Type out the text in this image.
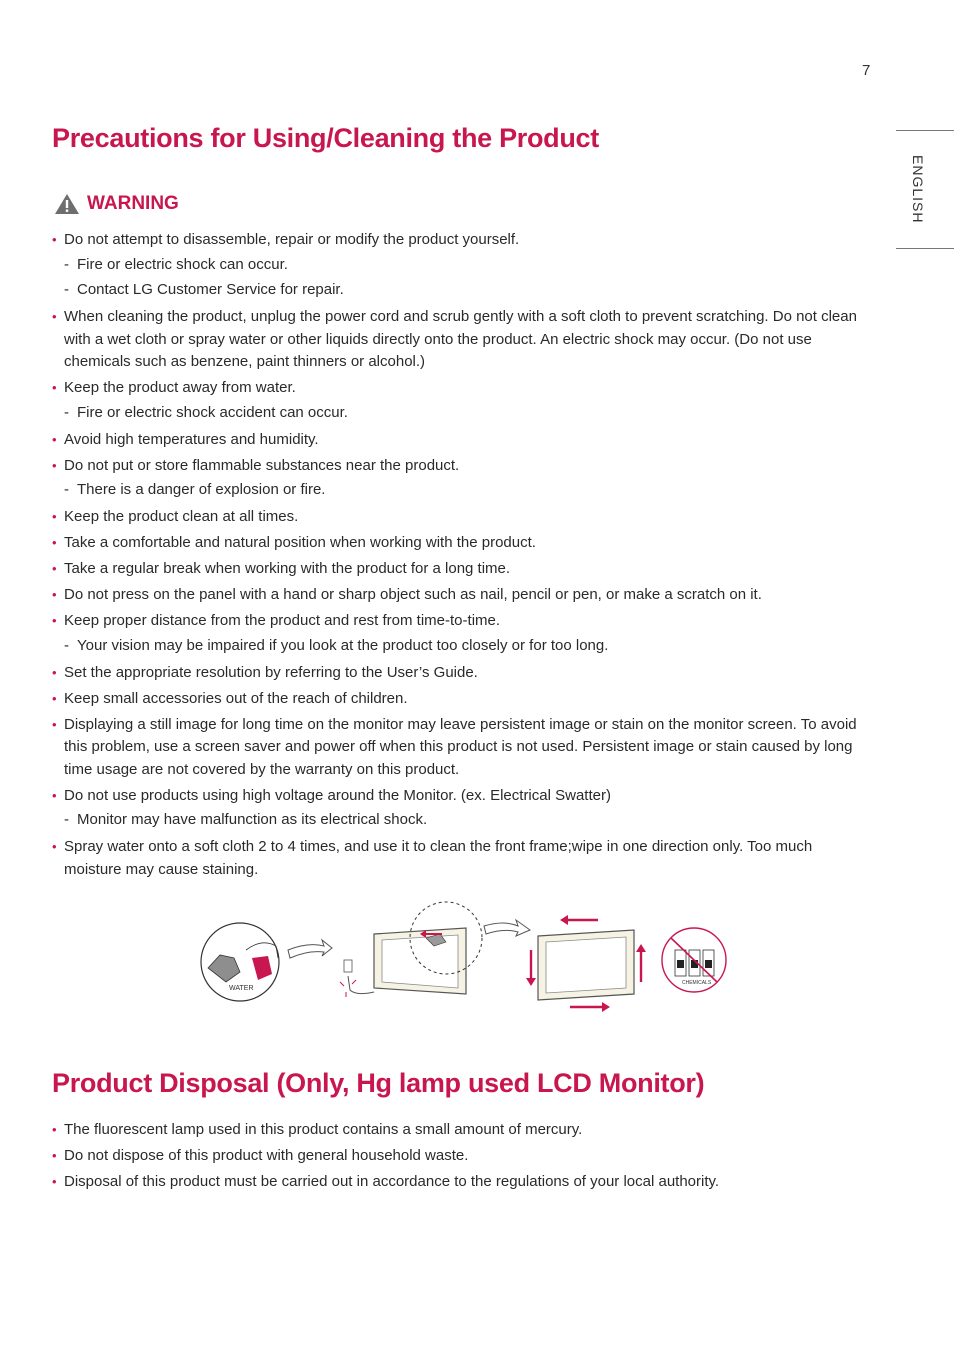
7
ENGLISH
Precautions for Using/Cleaning the Product
WARNING
• Do not attempt to disassemble, repair or modify the product yourself.
- Fire or electric shock can occur.
- Contact LG Customer Service for repair.
• When cleaning the product, unplug the power cord and scrub gently with a soft cloth to prevent scratching. Do not clean with a wet cloth or spray water or other liquids directly onto the product. An electric shock may occur. (Do not use chemicals such as benzene, paint thinners or alcohol.)
• Keep the product away from water.
- Fire or electric shock accident can occur.
• Avoid high temperatures and humidity.
• Do not put or store flammable substances near the product.
- There is a danger of explosion or fire.
• Keep the product clean at all times.
• Take a comfortable and natural position when working with the product.
• Take a regular break when working with the product for a long time.
• Do not press on the panel with a hand or sharp object such as nail, pencil or pen, or make a scratch on it.
• Keep proper distance from the product and rest from time-to-time.
- Your vision may be impaired if you look at the product too closely or for too long.
• Set the appropriate resolution by referring to the User’s Guide.
• Keep small accessories out of the reach of children.
• Displaying a still image for long time on the monitor may leave persistent image or stain on the monitor screen. To avoid this problem, use a screen saver and power off when this product is not used. Persistent image or stain caused by long time usage are not covered by the warranty on this product.
• Do not use products using high voltage around the Monitor. (ex. Electrical Swatter)
- Monitor may have malfunction as its electrical shock.
• Spray water onto a soft cloth 2 to 4 times, and use it to clean the front frame;wipe in one direction only. Too much moisture may cause staining.
WATER
CHEMICALS
Product Disposal (Only, Hg lamp used LCD Monitor)
• The fluorescent lamp used in this product contains a small amount of mercury.
• Do not dispose of this product with general household waste.
• Disposal of this product must be carried out in accordance to the regulations of your local authority.
